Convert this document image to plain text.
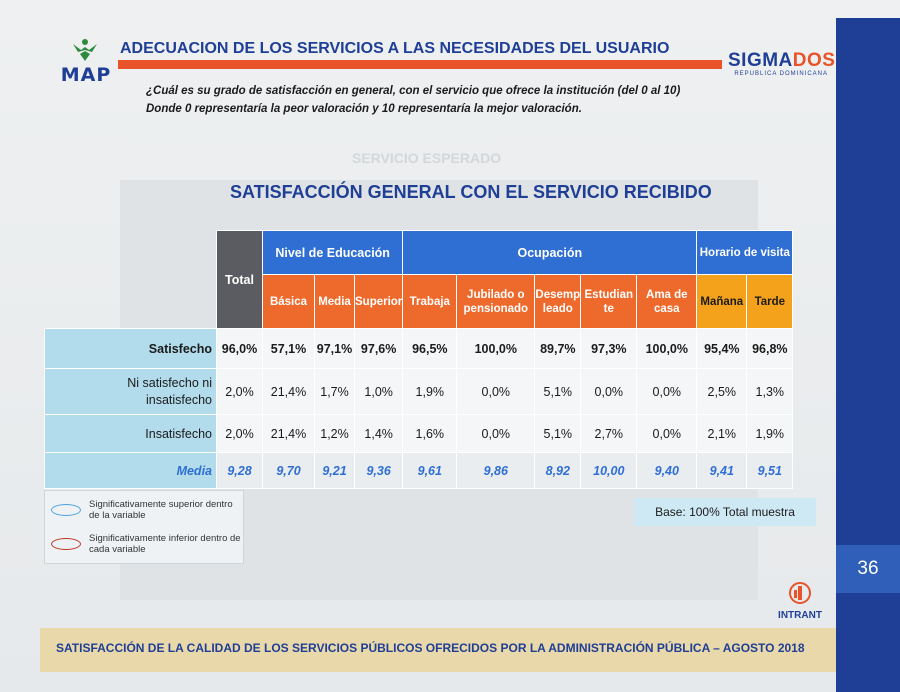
36
MAP
ADECUACION DE LOS SERVICIOS A LAS NECESIDADES DEL USUARIO
SIGMADOS
REPUBLICA DOMINICANA
¿Cuál es su grado de satisfacción en general, con el servicio que ofrece la institución (del 0 al 10) Donde 0 representaría la peor valoración y 10 representaría la mejor valoración.
SERVICIO ESPERADO
SATISFACCIÓN GENERAL CON EL SERVICIO RECIBIDO
	Total	Nivel de Educación			Ocupación					Horario de visita	
		Básica	Media	Superior	Trabaja	Jubilado o pensionado	Desemp leado	Estudian te	Ama de casa	Mañana	Tarde
Satisfecho	96,0%	57,1%	97,1%	97,6%	96,5%	100,0%	89,7%	97,3%	100,0%	95,4%	96,8%
Ni satisfecho ni insatisfecho	2,0%	21,4%	1,7%	1,0%	1,9%	0,0%	5,1%	0,0%	0,0%	2,5%	1,3%
Insatisfecho	2,0%	21,4%	1,2%	1,4%	1,6%	0,0%	5,1%	2,7%	0,0%	2,1%	1,9%
Media	9,28	9,70	9,21	9,36	9,61	9,86	8,92	10,00	9,40	9,41	9,51
Significativamente superior dentro de la variable
Significativamente inferior dentro de cada variable
Base: 100% Total muestra
INTRANT
SATISFACCIÓN DE LA CALIDAD DE LOS SERVICIOS PÚBLICOS OFRECIDOS POR LA ADMINISTRACIÓN PÚBLICA – AGOSTO 2018
